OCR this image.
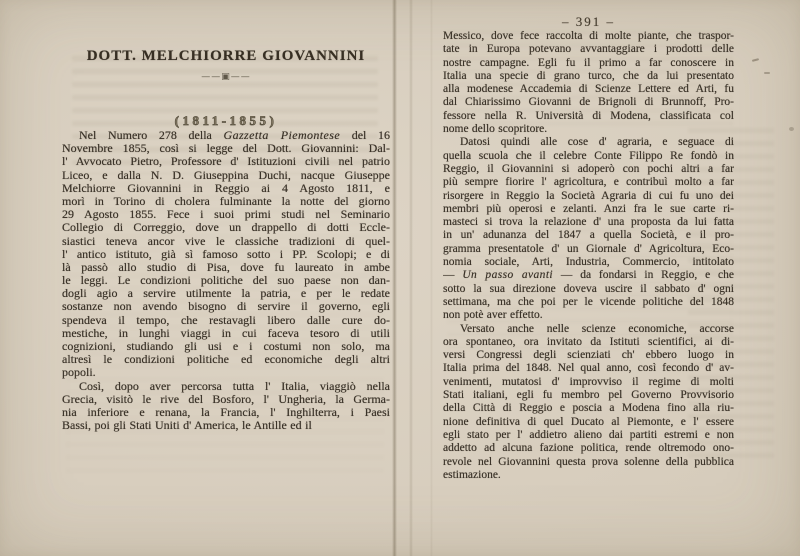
DOTT. MELCHIORRE GIOVANNINI
——▣——
(1811-1855)
Nel Numero 278 della Gazzetta Piemontese del 16
Novembre 1855, così si legge del Dott. Giovannini: Dal-
l' Avvocato Pietro, Professore d' Istituzioni civili nel patrio
Liceo, e dalla N. D. Giuseppina Duchi, nacque Giuseppe
Melchiorre Giovannini in Reggio ai 4 Agosto 1811, e
morì in Torino di cholera fulminante la notte del giorno
29 Agosto 1855. Fece i suoi primi studi nel Seminario
Collegio di Correggio, dove un drappello di dotti Eccle-
siastici teneva ancor vive le classiche tradizioni di quel-
l' antico istituto, già sì famoso sotto i PP. Scolopi; e di
là passò allo studio di Pisa, dove fu laureato in ambe
le leggi. Le condizioni politiche del suo paese non dan-
dogli agio a servire utilmente la patria, e per le redate
sostanze non avendo bisogno di servire il governo, egli
spendeva il tempo, che restavagli libero dalle cure do-
mestiche, in lunghi viaggi in cui faceva tesoro di utili
cognizioni, studiando gli usi e i costumi non solo, ma
altresì le condizioni politiche ed economiche degli altri
popoli.
Così, dopo aver percorsa tutta l' Italia, viaggiò nella
Grecia, visitò le rive del Bosforo, l' Ungheria, la Germa-
nia inferiore e renana, la Francia, l' Inghilterra, i Paesi
Bassi, poi gli Stati Uniti d' America, le Antille ed il
– 391 –
Messico, dove fece raccolta di molte piante, che traspor-
tate in Europa potevano avvantaggiare i prodotti delle
nostre campagne. Egli fu il primo a far conoscere in
Italia una specie di grano turco, che da lui presentato
alla modenese Accademia di Scienze Lettere ed Arti, fu
dal Chiarissimo Giovanni de Brignoli di Brunnoff, Pro-
fessore nella R. Università di Modena, classificata col
nome dello scopritore.
Datosi quindi alle cose d' agraria, e seguace di
quella scuola che il celebre Conte Filippo Re fondò in
Reggio, il Giovannini si adoperò con pochi altri a far
più sempre fiorire l' agricoltura, e contribuì molto a far
risorgere in Reggio la Società Agraria di cui fu uno dei
membri più operosi e zelanti. Anzi fra le sue carte ri-
masteci si trova la relazione d' una proposta da lui fatta
in un' adunanza del 1847 a quella Società, e il pro-
gramma presentatole d' un Giornale d' Agricoltura, Eco-
nomia sociale, Arti, Industria, Commercio, intitolato
— Un passo avanti — da fondarsi in Reggio, e che
sotto la sua direzione doveva uscire il sabbato d' ogni
settimana, ma che poi per le vicende politiche del 1848
non potè aver effetto.
Versato anche nelle scienze economiche, accorse
ora spontaneo, ora invitato da Istituti scientifici, ai di-
versi Congressi degli scienziati ch' ebbero luogo in
Italia prima del 1848. Nel qual anno, così fecondo d' av-
venimenti, mutatosi d' improvviso il regime di molti
Stati italiani, egli fu membro pel Governo Provvisorio
della Città di Reggio e poscia a Modena fino alla riu-
nione definitiva di quel Ducato al Piemonte, e l' essere
egli stato per l' addietro alieno dai partiti estremi e non
addetto ad alcuna fazione politica, rende oltremodo ono-
revole nel Giovannini questa prova solenne della pubblica
estimazione.
